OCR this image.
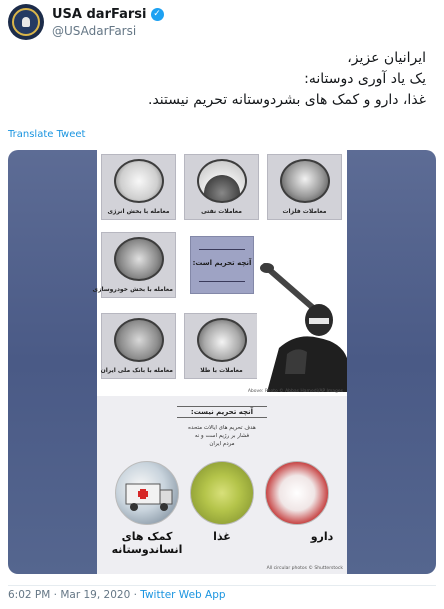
USA darFarsi ✓
@USAdarFarsi
ایرانیان عزیز،
یک یاد آوری دوستانه:
غذا، دارو و کمک های بشردوستانه تحریم نیستند.
Translate Tweet
معاملات فلزات
معاملات نفتی
معامله با بخش انرژی
معامله با بخش خودروسازی
آنچه تحریم است:
معامله با بانک ملی ایران	معاملات با طلا
Above: Photo © Abbas Hamedi/AP Images
آنچه تحریم نیست:
هدف تحریم های ایالات متحده
فشار بر رژیم است و نه
مردم ایران
دارو
غذا
کمک های
انساندوستانه
All circular photos © Shutterstock
6:02 PM · Mar 19, 2020 · Twitter Web App
